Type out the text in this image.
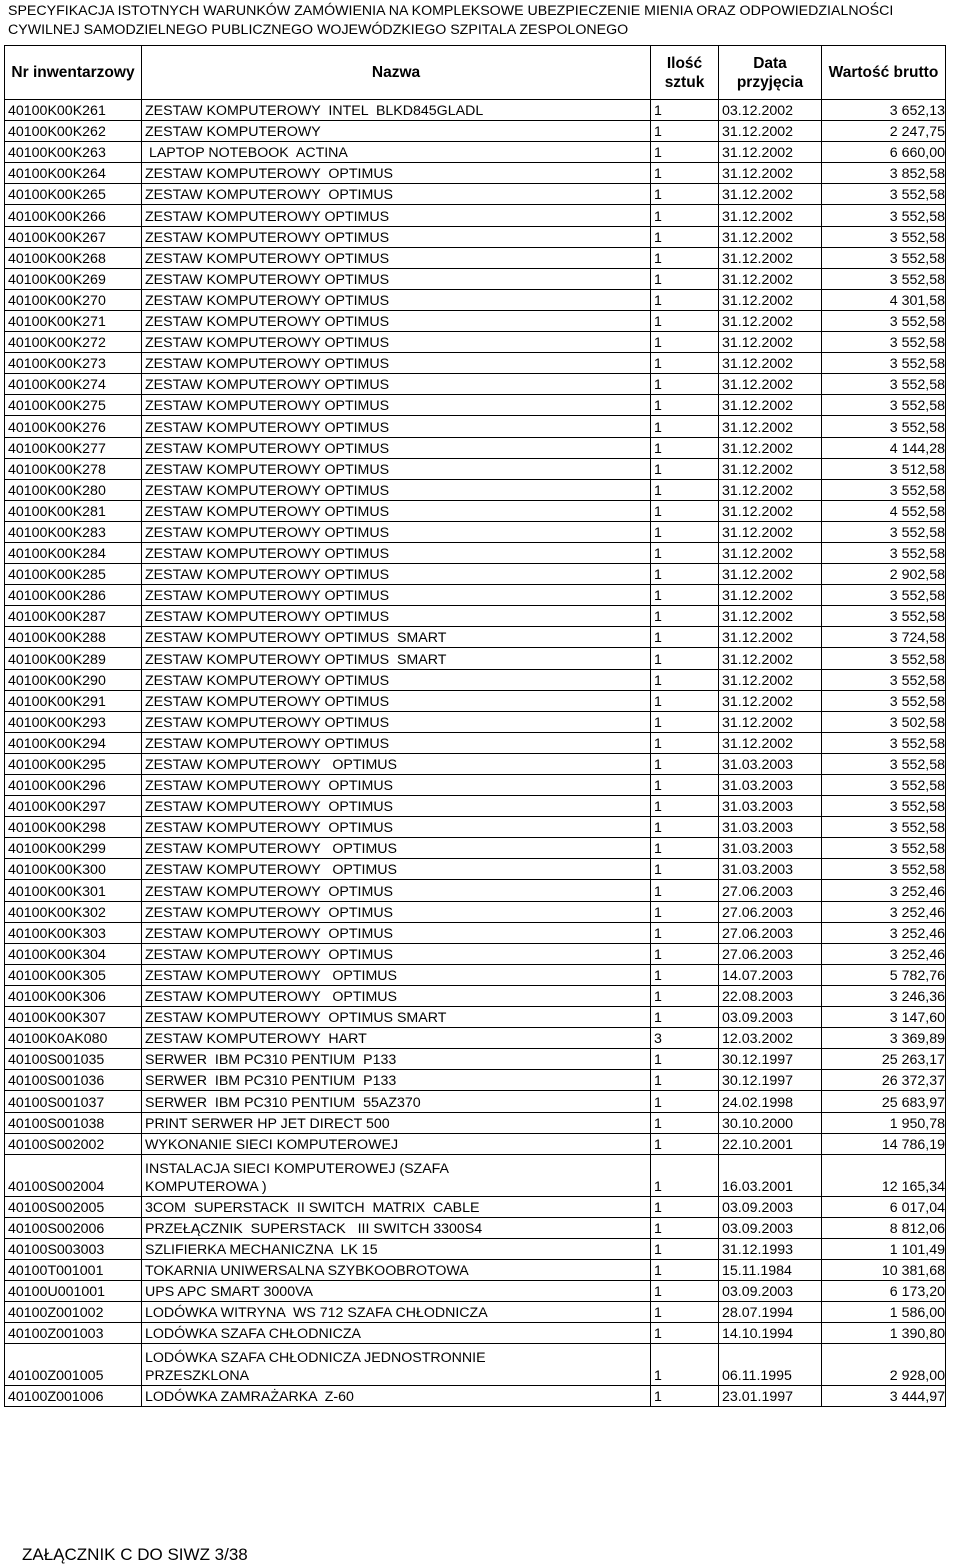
SPECYFIKACJA ISTOTNYCH WARUNKÓW ZAMÓWIENIA NA KOMPLEKSOWE UBEZPIECZENIE MIENIA ORAZ ODPOWIEDZIALNOŚCI
CYWILNEJ SAMODZIELNEGO PUBLICZNEGO WOJEWÓDZKIEGO SZPITALA ZESPOLONEGO
Nr inwentarzowy	Nazwa	Ilość sztuk	Data przyjęcia	Wartość brutto
40100K00K261	ZESTAW KOMPUTEROWY  INTEL  BLKD845GLADL	1	03.12.2002	3 652,13
40100K00K262	ZESTAW KOMPUTEROWY	1	31.12.2002	2 247,75
40100K00K263	LAPTOP NOTEBOOK  ACTINA	1	31.12.2002	6 660,00
40100K00K264	ZESTAW KOMPUTEROWY  OPTIMUS	1	31.12.2002	3 852,58
40100K00K265	ZESTAW KOMPUTEROWY  OPTIMUS	1	31.12.2002	3 552,58
40100K00K266	ZESTAW KOMPUTEROWY OPTIMUS	1	31.12.2002	3 552,58
40100K00K267	ZESTAW KOMPUTEROWY OPTIMUS	1	31.12.2002	3 552,58
40100K00K268	ZESTAW KOMPUTEROWY OPTIMUS	1	31.12.2002	3 552,58
40100K00K269	ZESTAW KOMPUTEROWY OPTIMUS	1	31.12.2002	3 552,58
40100K00K270	ZESTAW KOMPUTEROWY OPTIMUS	1	31.12.2002	4 301,58
40100K00K271	ZESTAW KOMPUTEROWY OPTIMUS	1	31.12.2002	3 552,58
40100K00K272	ZESTAW KOMPUTEROWY OPTIMUS	1	31.12.2002	3 552,58
40100K00K273	ZESTAW KOMPUTEROWY OPTIMUS	1	31.12.2002	3 552,58
40100K00K274	ZESTAW KOMPUTEROWY OPTIMUS	1	31.12.2002	3 552,58
40100K00K275	ZESTAW KOMPUTEROWY OPTIMUS	1	31.12.2002	3 552,58
40100K00K276	ZESTAW KOMPUTEROWY OPTIMUS	1	31.12.2002	3 552,58
40100K00K277	ZESTAW KOMPUTEROWY OPTIMUS	1	31.12.2002	4 144,28
40100K00K278	ZESTAW KOMPUTEROWY OPTIMUS	1	31.12.2002	3 512,58
40100K00K280	ZESTAW KOMPUTEROWY OPTIMUS	1	31.12.2002	3 552,58
40100K00K281	ZESTAW KOMPUTEROWY OPTIMUS	1	31.12.2002	4 552,58
40100K00K283	ZESTAW KOMPUTEROWY OPTIMUS	1	31.12.2002	3 552,58
40100K00K284	ZESTAW KOMPUTEROWY OPTIMUS	1	31.12.2002	3 552,58
40100K00K285	ZESTAW KOMPUTEROWY OPTIMUS	1	31.12.2002	2 902,58
40100K00K286	ZESTAW KOMPUTEROWY OPTIMUS	1	31.12.2002	3 552,58
40100K00K287	ZESTAW KOMPUTEROWY OPTIMUS	1	31.12.2002	3 552,58
40100K00K288	ZESTAW KOMPUTEROWY OPTIMUS  SMART	1	31.12.2002	3 724,58
40100K00K289	ZESTAW KOMPUTEROWY OPTIMUS  SMART	1	31.12.2002	3 552,58
40100K00K290	ZESTAW KOMPUTEROWY OPTIMUS	1	31.12.2002	3 552,58
40100K00K291	ZESTAW KOMPUTEROWY OPTIMUS	1	31.12.2002	3 552,58
40100K00K293	ZESTAW KOMPUTEROWY OPTIMUS	1	31.12.2002	3 502,58
40100K00K294	ZESTAW KOMPUTEROWY OPTIMUS	1	31.12.2002	3 552,58
40100K00K295	ZESTAW KOMPUTEROWY   OPTIMUS	1	31.03.2003	3 552,58
40100K00K296	ZESTAW KOMPUTEROWY  OPTIMUS	1	31.03.2003	3 552,58
40100K00K297	ZESTAW KOMPUTEROWY  OPTIMUS	1	31.03.2003	3 552,58
40100K00K298	ZESTAW KOMPUTEROWY  OPTIMUS	1	31.03.2003	3 552,58
40100K00K299	ZESTAW KOMPUTEROWY   OPTIMUS	1	31.03.2003	3 552,58
40100K00K300	ZESTAW KOMPUTEROWY   OPTIMUS	1	31.03.2003	3 552,58
40100K00K301	ZESTAW KOMPUTEROWY  OPTIMUS	1	27.06.2003	3 252,46
40100K00K302	ZESTAW KOMPUTEROWY  OPTIMUS	1	27.06.2003	3 252,46
40100K00K303	ZESTAW KOMPUTEROWY  OPTIMUS	1	27.06.2003	3 252,46
40100K00K304	ZESTAW KOMPUTEROWY  OPTIMUS	1	27.06.2003	3 252,46
40100K00K305	ZESTAW KOMPUTEROWY   OPTIMUS	1	14.07.2003	5 782,76
40100K00K306	ZESTAW KOMPUTEROWY   OPTIMUS	1	22.08.2003	3 246,36
40100K00K307	ZESTAW KOMPUTEROWY  OPTIMUS SMART	1	03.09.2003	3 147,60
40100K0AK080	ZESTAW KOMPUTEROWY  HART	3	12.03.2002	3 369,89
40100S001035	SERWER  IBM PC310 PENTIUM  P133	1	30.12.1997	25 263,17
40100S001036	SERWER  IBM PC310 PENTIUM  P133	1	30.12.1997	26 372,37
40100S001037	SERWER  IBM PC310 PENTIUM  55AZ370	1	24.02.1998	25 683,97
40100S001038	PRINT SERWER HP JET DIRECT 500	1	30.10.2000	1 950,78
40100S002002	WYKONANIE SIECI KOMPUTEROWEJ	1	22.10.2001	14 786,19
40100S002004	INSTALACJA SIECI KOMPUTEROWEJ (SZAFA
KOMPUTEROWA )	1	16.03.2001	12 165,34
40100S002005	3COM  SUPERSTACK  II SWITCH  MATRIX  CABLE	1	03.09.2003	6 017,04
40100S002006	PRZEŁĄCZNIK  SUPERSTACK   III SWITCH 3300S4	1	03.09.2003	8 812,06
40100S003003	SZLIFIERKA MECHANICZNA  LK 15	1	31.12.1993	1 101,49
40100T001001	TOKARNIA UNIWERSALNA SZYBKOOBROTOWA	1	15.11.1984	10 381,68
40100U001001	UPS APC SMART 3000VA	1	03.09.2003	6 173,20
40100Z001002	LODÓWKA WITRYNA  WS 712 SZAFA CHŁODNICZA	1	28.07.1994	1 586,00
40100Z001003	LODÓWKA SZAFA CHŁODNICZA	1	14.10.1994	1 390,80
40100Z001005	LODÓWKA SZAFA CHŁODNICZA JEDNOSTRONNIE
PRZESZKLONA	1	06.11.1995	2 928,00
40100Z001006	LODÓWKA ZAMRAŻARKA  Z-60	1	23.01.1997	3 444,97
ZAŁĄCZNIK C DO SIWZ 3/38
